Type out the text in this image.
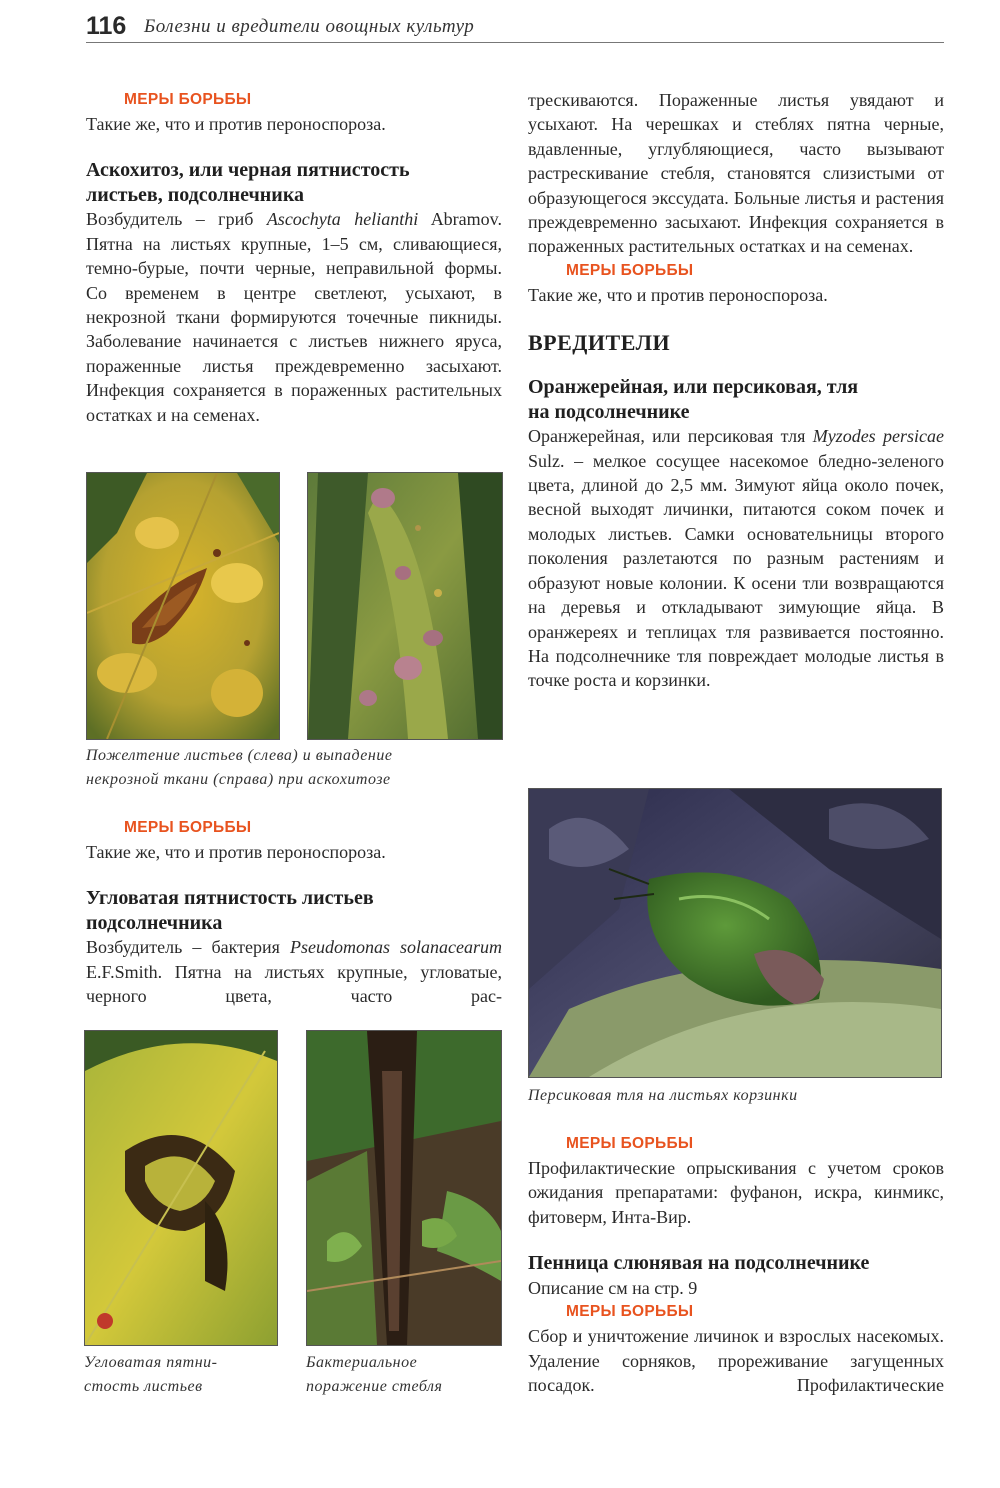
116 Болезни и вредители овощных культур
МЕРЫ БОРЬБЫ

Такие же, что и против пероноспороза.

Аскохитоз, или черная пятнистость
листьев, подсолнечника

Возбудитель – гриб Ascochyta helianthi Abramov. Пятна на листьях крупные, 1–5 см, сливающиеся, темно-бурые, почти черные, неправильной формы. Со временем в центре светлеют, усыхают, в некрозной ткани формируются точечные пикниды. Заболевание начинается с листьев нижнего яруса, пораженные листья преждевременно засыхают. Инфекция сохраняется в пораженных растительных остатках и на семенах.

Пожелтение листьев (слева) и выпадение
некрозной ткани (справа) при аскохитозе
МЕРЫ БОРЬБЫ

Такие же, что и против пероноспороза.

Угловатая пятнистость листьев
подсолнечника

Возбудитель – бактерия Pseudomonas solanacearum E.F.Smith. Пятна на листьях крупные, угловатые, черного цвета, часто рас-

Угловатая пятни-
стость листьев
Бактериальное
поражение стебля

трескиваются. Пораженные листья увядают и усыхают. На черешках и стеблях пятна черные, вдавленные, углубляющиеся, часто вызывают растрескивание стебля, становятся слизистыми от образующегося экссудата. Больные листья и растения преждевременно засыхают. Инфекция сохраняется в пораженных растительных остатках и на семенах.

МЕРЫ БОРЬБЫ

Такие же, что и против пероноспороза.

ВРЕДИТЕЛИ
Оранжерейная, или персиковая, тля
на подсолнечнике

Оранжерейная, или персиковая тля Myzodes persicae Sulz. – мелкое сосущее насекомое бледно-зеленого цвета, длиной до 2,5 мм. Зимуют яйца около почек, весной выходят личинки, питаются соком почек и молодых листьев. Самки основательницы второго поколения разлетаются по разным растениям и образуют новые колонии. К осени тли возвращаются на деревья и откладывают зимующие яйца. В оранжереях и теплицах тля развивается постоянно. На подсолнечнике тля повреждает молодые листья в точке роста и корзинки.

Персиковая тля на листьях корзинки
МЕРЫ БОРЬБЫ

Профилактические опрыскивания с учетом сроков ожидания препаратами: фуфанон, искра, кинмикс, фитоверм, Инта-Вир.

Пенница слюнявая на подсолнечнике

Описание см на стр. 9

МЕРЫ БОРЬБЫ

Сбор и уничтожение личинок и взрослых насекомых. Удаление сорняков, прореживание загущенных посадок. Профилактические
